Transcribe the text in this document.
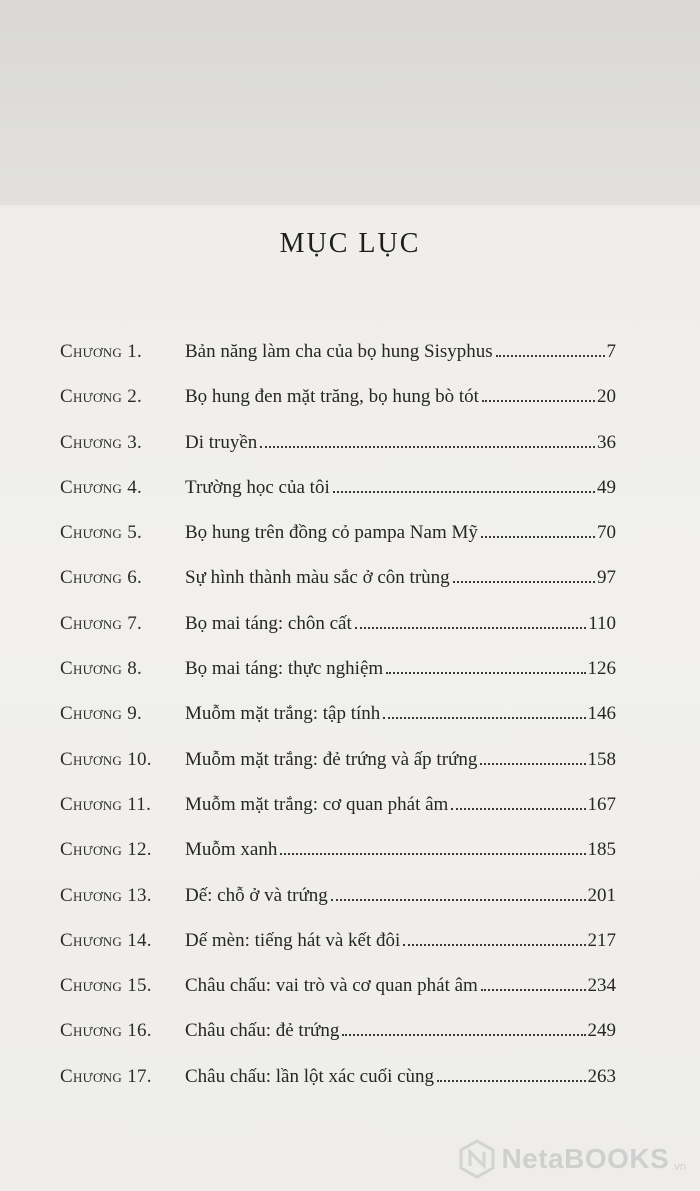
MỤC LỤC
Chương 1.	Bản năng làm cha của bọ hung Sisyphus	7
Chương 2.	Bọ hung đen mặt trăng, bọ hung bò tót	20
Chương 3.	Di truyền	36
Chương 4.	Trường học của tôi	49
Chương 5.	Bọ hung trên đồng cỏ pampa Nam Mỹ	70
Chương 6.	Sự hình thành màu sắc ở côn trùng	97
Chương 7.	Bọ mai táng: chôn cất	110
Chương 8.	Bọ mai táng: thực nghiệm	126
Chương 9.	Muỗm mặt trắng: tập tính	146
Chương 10.	Muỗm mặt trắng: đẻ trứng và ấp trứng	158
Chương 11.	Muỗm mặt trắng: cơ quan phát âm	167
Chương 12.	Muỗm xanh	185
Chương 13.	Dế: chỗ ở và trứng	201
Chương 14.	Dế mèn: tiếng hát và kết đôi	217
Chương 15.	Châu chấu: vai trò và cơ quan phát âm	234
Chương 16.	Châu chấu: đẻ trứng	249
Chương 17.	Châu chấu: lần lột xác cuối cùng	263
NetaBOOKS .vn
